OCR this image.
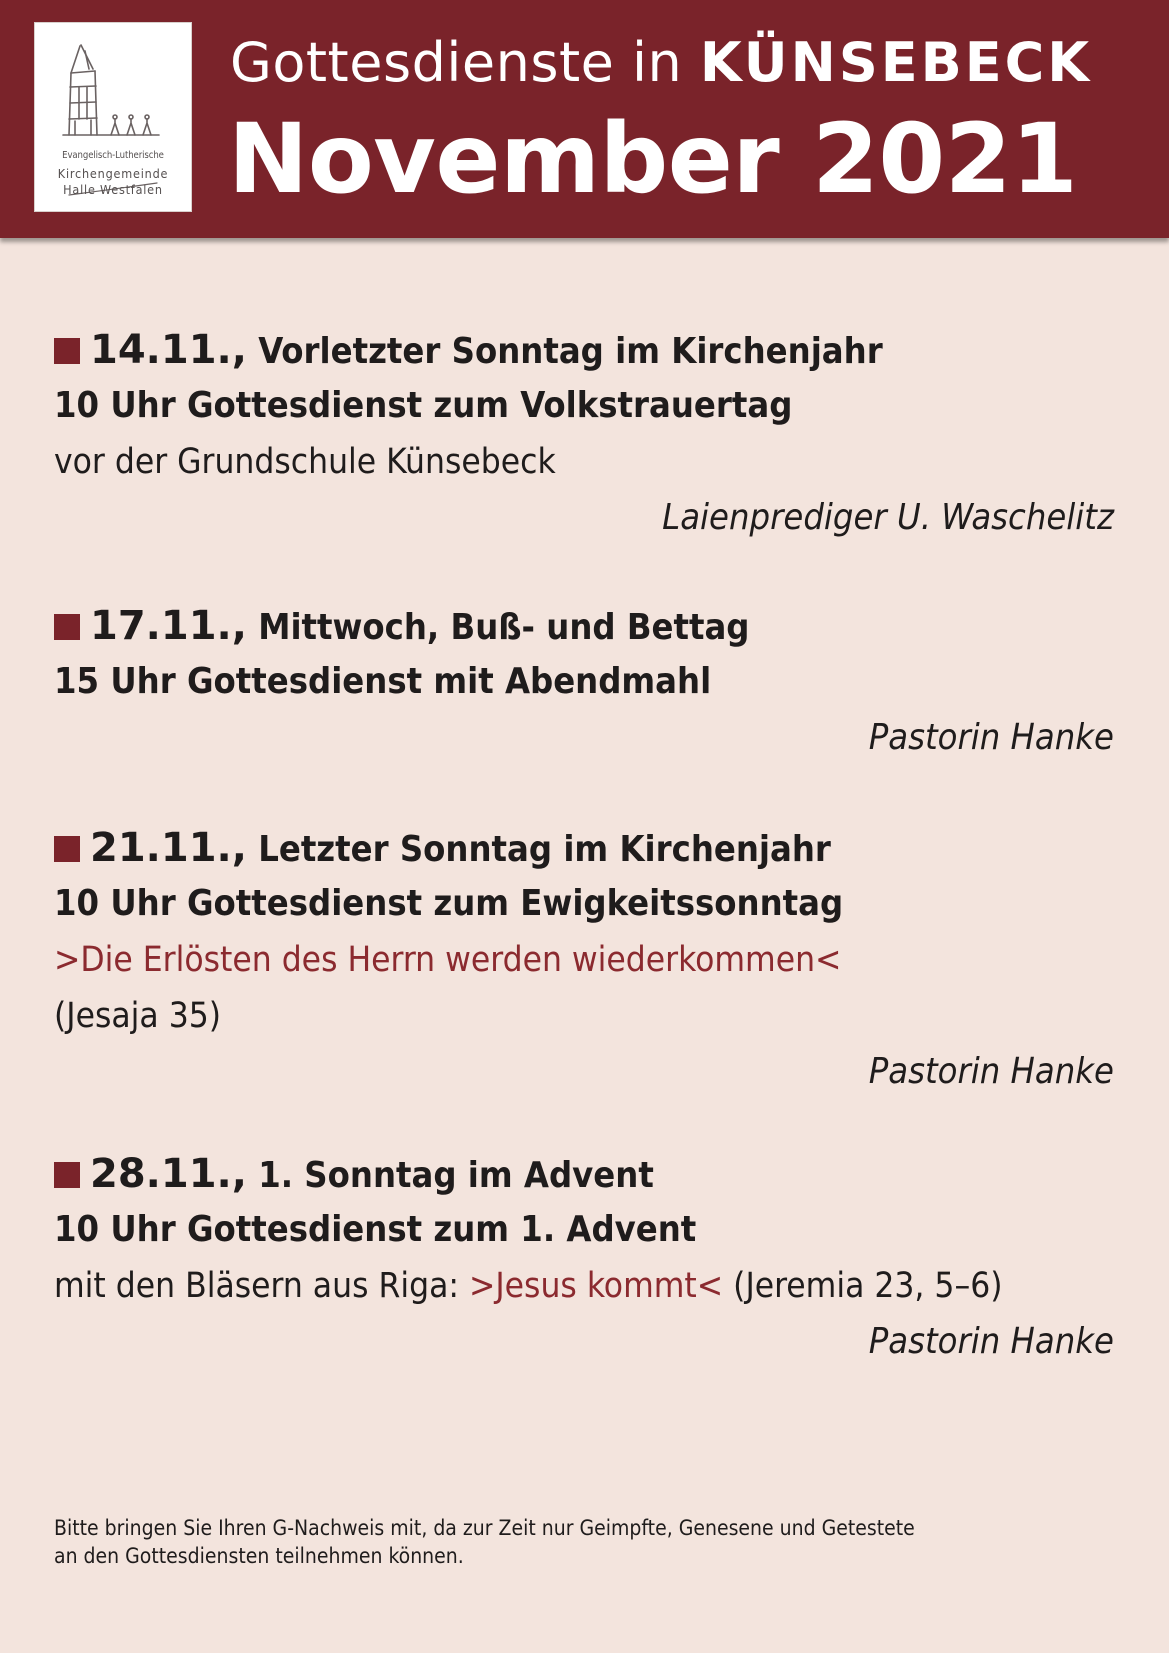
Evangelisch-Lutherische
Kirchengemeinde
Halle Westfalen
Gottesdienste in KÜNSEBECK
November 2021
14.11., Vorletzter Sonntag im Kirchenjahr
10 Uhr Gottesdienst zum Volkstrauertag
vor der Grundschule Künsebeck
Laienprediger U. Waschelitz
17.11., Mittwoch, Buß- und Bettag
15 Uhr Gottesdienst mit Abendmahl
Pastorin Hanke
21.11., Letzter Sonntag im Kirchenjahr
10 Uhr Gottesdienst zum Ewigkeitssonntag
>Die Erlösten des Herrn werden wiederkommen<
(Jesaja 35)
Pastorin Hanke
28.11., 1. Sonntag im Advent
10 Uhr Gottesdienst zum 1. Advent
mit den Bläsern aus Riga: >Jesus kommt< (Jeremia 23, 5–6)
Pastorin Hanke
Bitte bringen Sie Ihren G-Nachweis mit, da zur Zeit nur Geimpfte, Genesene und Getestete
an den Gottesdiensten teilnehmen können.
